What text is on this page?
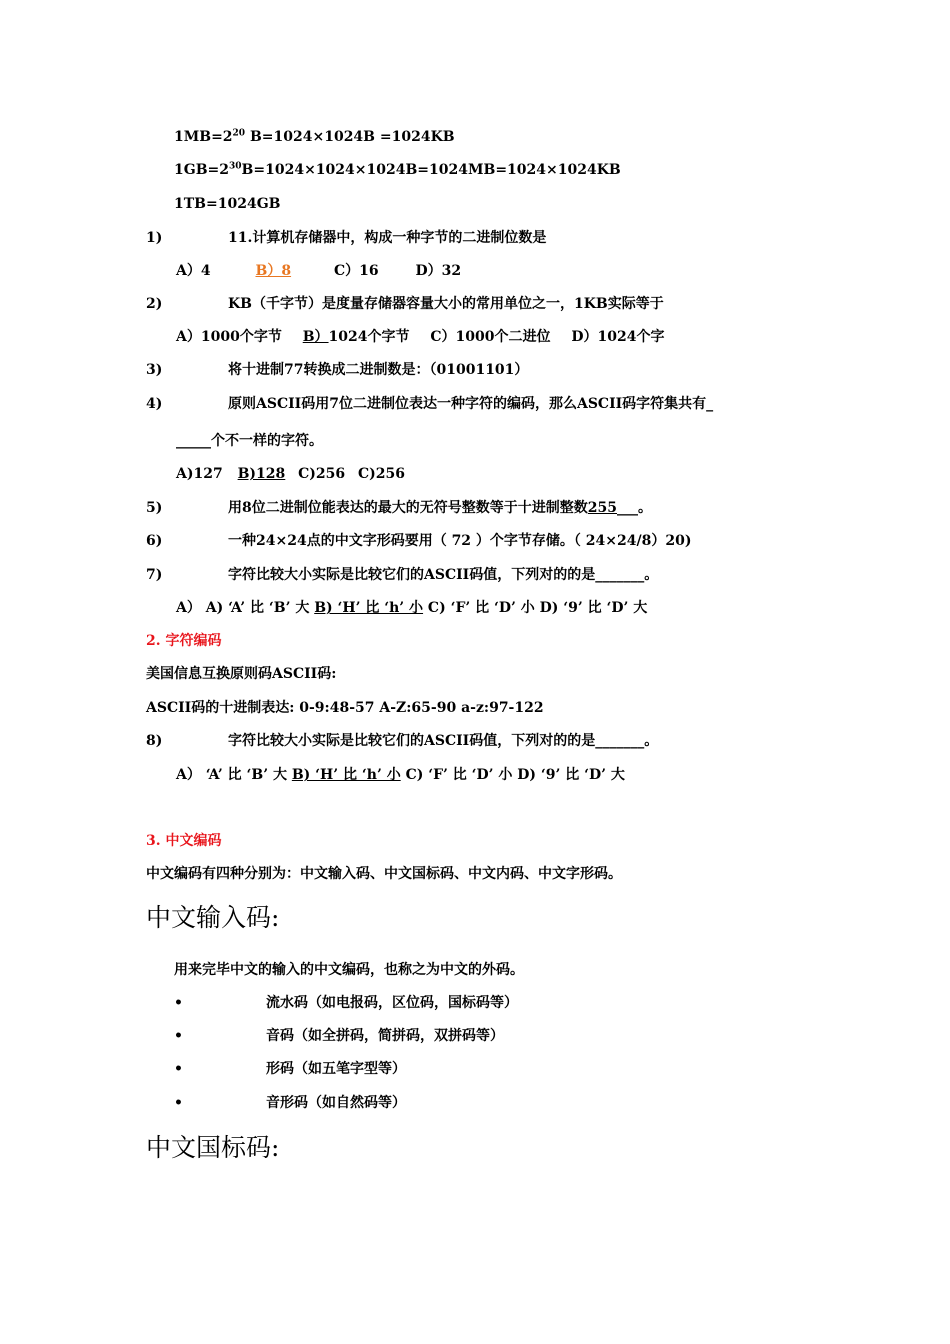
$1MB=2^{20}$ B=1024×1024B =1024KB
$1GB=2^{30}B=1024\times 1024\times 1024B=1024MB=1024\times 1024KB$
1TB=1024GB
1)	11.计算机存储器中，构成一种字节的二进制位数是
A）4	B）8	C）16	D）32
2)	KB（千字节）是度量存储器容量大小的常用单位之一，1KB实际等于
A）1000个字节 B）1024个字节 C）1000个二进位 D）1024个字
3)	将十进制77转换成二进制数是：（01001101）
4)	原则ASCII码用7位二进制位表达一种字符的编码，那么ASCII码字符集共有_
_____个不一样的字符。
A)127 B)128 C)256 C)256
5)	用8位二进制位能表达的最大的无符号整数等于十进制整数255___。
6)	一种24×24点的中文字形码要用（ 72 ）个字节存储。（ 24×24/8）20)
7)	字符比较大小实际是比较它们的ASCII码值，下列对的的是_______。
A） A) ‘A’ 比 ‘B’ 大 B) ‘H’ 比 ‘h’ 小 C) ‘F’ 比 ‘D’ 小 D) ‘9’ 比 ‘D’ 大
2. 字符编码
美国信息互换原则码ASCII码:
ASCII码的十进制表达: 0-9:48-57 A-Z:65-90 a-z:97-122
8)	字符比较大小实际是比较它们的ASCII码值，下列对的的是_______。
A） ‘A’ 比 ‘B’ 大 B) ‘H’ 比 ‘h’ 小 C) ‘F’ 比 ‘D’ 小 D) ‘9’ 比 ‘D’ 大
3. 中文编码
中文编码有四种分别为：中文输入码、中文国标码、中文内码、中文字形码。
中文输入码:
用来完毕中文的输入的中文编码，也称之为中文的外码。
•	流水码（如电报码，区位码，国标码等）
•	音码（如全拼码，简拼码，双拼码等）
•	形码（如五笔字型等）
•	音形码（如自然码等）
中文国标码:
